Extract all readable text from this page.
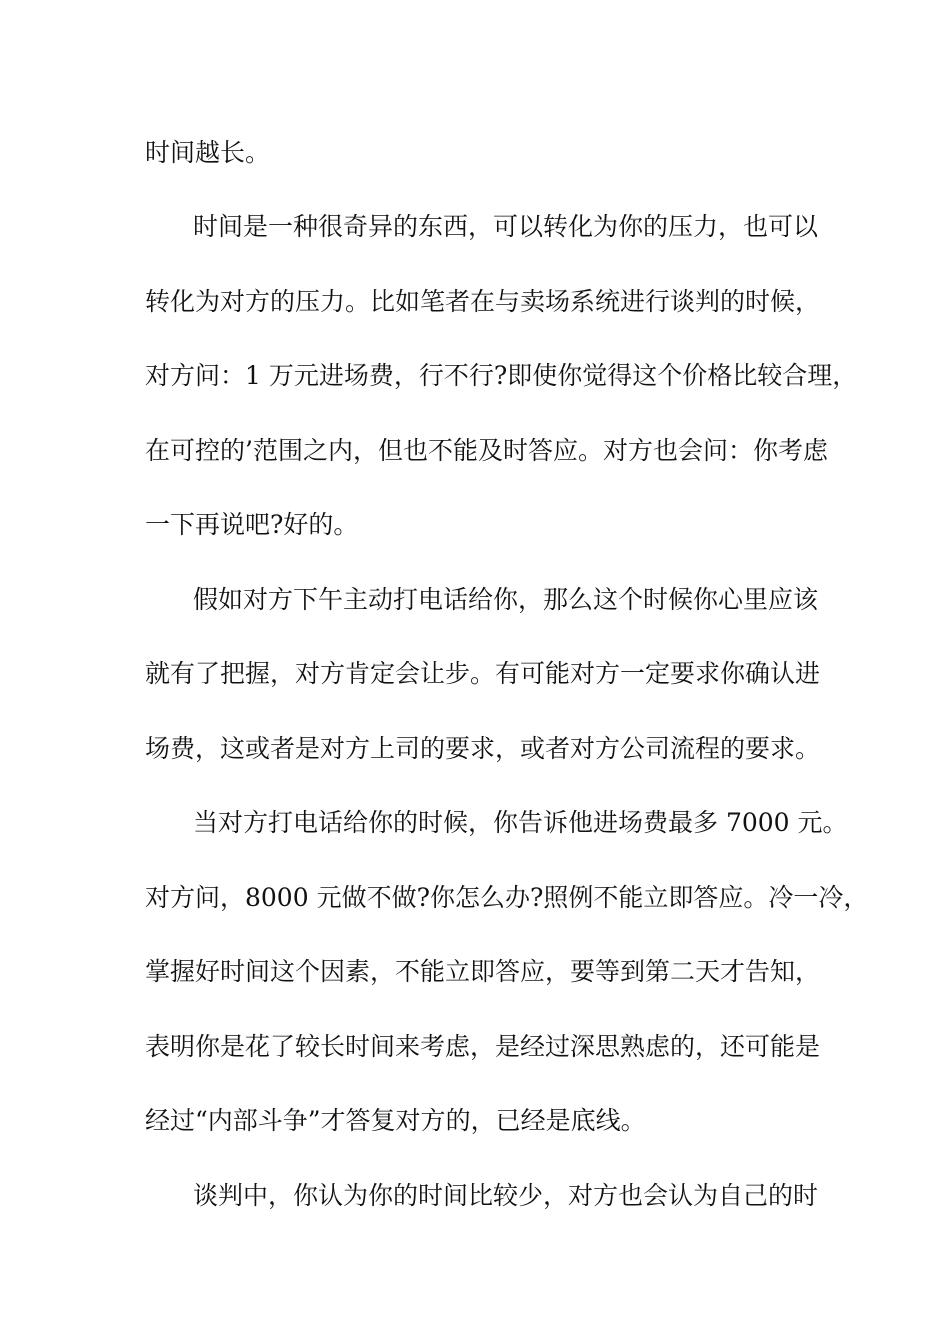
时间越长。
时间是一种很奇异的东西，可以转化为你的压力，也可以
转化为对方的压力。比如笔者在与卖场系统进行谈判的时候，
对方问：1 万元进场费，行不行?即使你觉得这个价格比较合理，
在可控的’范围之内，但也不能及时答应。对方也会问：你考虑
一下再说吧?好的。
假如对方下午主动打电话给你，那么这个时候你心里应该
就有了把握，对方肯定会让步。有可能对方一定要求你确认进
场费，这或者是对方上司的要求，或者对方公司流程的要求。
当对方打电话给你的时候，你告诉他进场费最多 7000 元。
对方问，8000 元做不做?你怎么办?照例不能立即答应。冷一冷，
掌握好时间这个因素，不能立即答应，要等到第二天才告知，
表明你是花了较长时间来考虑，是经过深思熟虑的，还可能是
经过“内部斗争”才答复对方的，已经是底线。
谈判中，你认为你的时间比较少，对方也会认为自己的时
